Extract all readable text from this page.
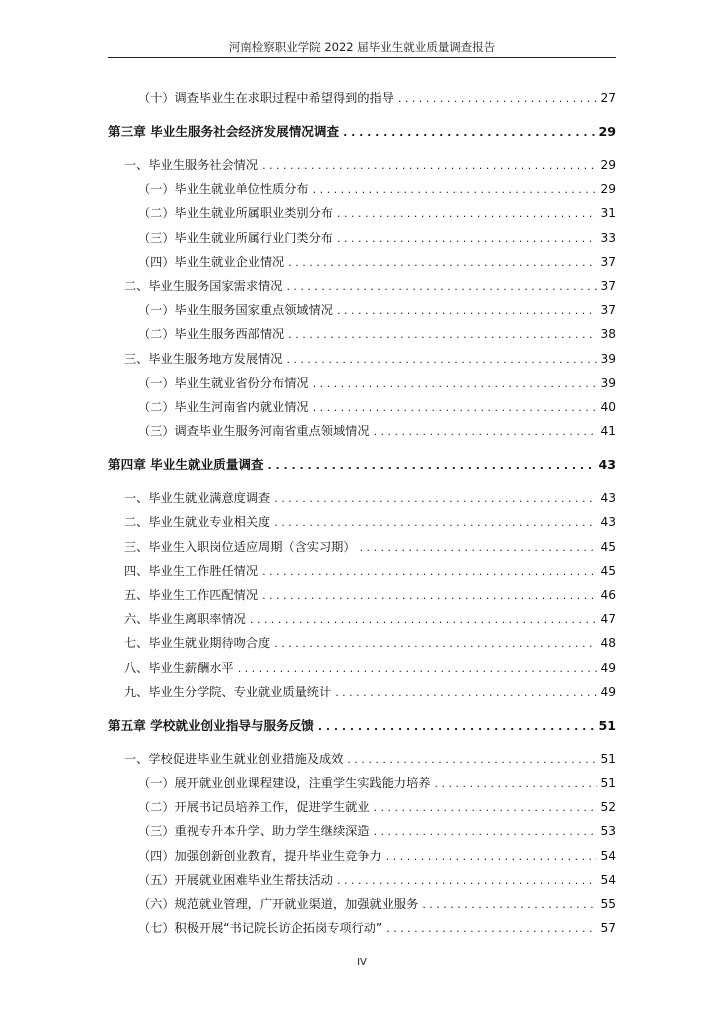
河南检察职业学院 2022 届毕业生就业质量调查报告
（十）调查毕业生在求职过程中希望得到的指导 . . .	27
第三章 毕业生服务社会经济发展情况调查 . . .	29
一、毕业生服务社会情况 . . .	29
（一）毕业生就业单位性质分布 . . .	29
（二）毕业生就业所属职业类别分布 . . .	31
（三）毕业生就业所属行业门类分布 . . .	33
（四）毕业生就业企业情况 . . .	37
二、毕业生服务国家需求情况 . . .	37
（一）毕业生服务国家重点领域情况 . . .	37
（二）毕业生服务西部情况 . . .	38
三、毕业生服务地方发展情况 . . .	39
（一）毕业生就业省份分布情况 . . .	39
（二）毕业生河南省内就业情况 . . .	40
（三）调查毕业生服务河南省重点领域情况 . . .	41
第四章 毕业生就业质量调查 . . .	43
一、毕业生就业满意度调查 . . .	43
二、毕业生就业专业相关度 . . .	43
三、毕业生入职岗位适应周期（含实习期） . . .	45
四、毕业生工作胜任情况 . . .	45
五、毕业生工作匹配情况 . . .	46
六、毕业生离职率情况 . . .	47
七、毕业生就业期待吻合度 . . .	48
八、毕业生薪酬水平 . . .	49
九、毕业生分学院、专业就业质量统计 . . .	49
第五章 学校就业创业指导与服务反馈 . . .	51
一、学校促进毕业生就业创业措施及成效 . . .	51
（一）展开就业创业课程建设，注重学生实践能力培养 . . .	51
（二）开展书记员培养工作，促进学生就业 . . .	52
（三）重视专升本升学、助力学生继续深造 . . .	53
（四）加强创新创业教育，提升毕业生竞争力 . . .	54
（五）开展就业困难毕业生帮扶活动 . . .	54
（六）规范就业管理，广开就业渠道，加强就业服务 . . .	55
（七）积极开展“书记院长访企拓岗专项行动” . . .	57
IV
